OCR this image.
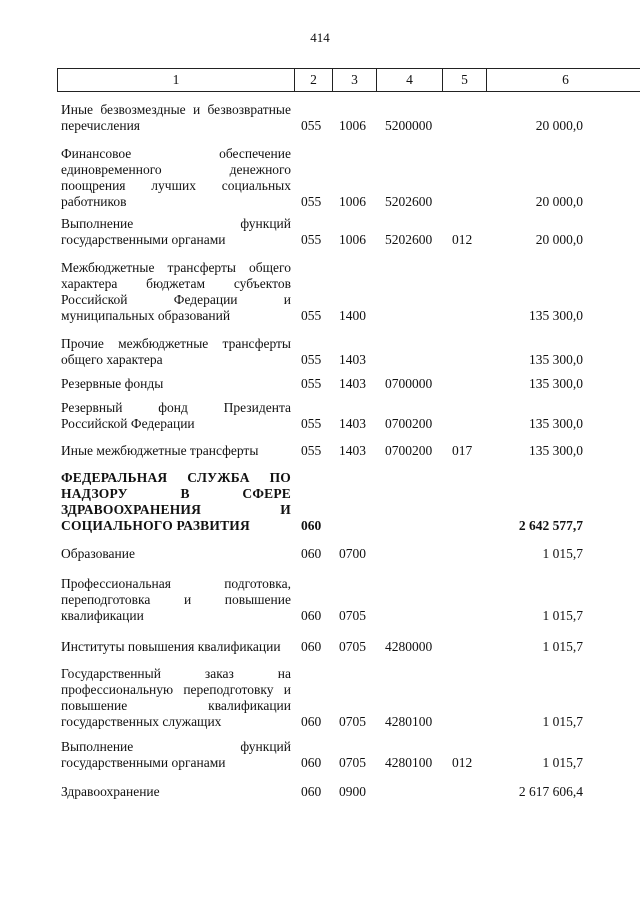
414
1	2	3	4	5	6
Иные безвозмездные и безвозвратные перечисления	055 1006 5200000	20 000,0
Финансовое обеспечение единовременного денежного поощрения лучших социальных работников	055 1006 5202600	20 000,0
Выполнение функций государственными органами	055 1006 5202600 012	20 000,0
Межбюджетные трансферты общего характера бюджетам субъектов Российской Федерации и муниципальных образований	055 1400	135 300,0
Прочие межбюджетные трансферты общего характера	055 1403	135 300,0
Резервные фонды	055 1403 0700000	135 300,0
Резервный фонд Президента Российской Федерации	055 1403 0700200	135 300,0
Иные межбюджетные трансферты	055 1403 0700200 017	135 300,0
ФЕДЕРАЛЬНАЯ СЛУЖБА ПО НАДЗОРУ В СФЕРЕ ЗДРАВООХРАНЕНИЯ И СОЦИАЛЬНОГО РАЗВИТИЯ	060	2 642 577,7
Образование	060 0700	1 015,7
Профессиональная подготовка, переподготовка и повышение квалификации	060 0705	1 015,7
Институты повышения квалификации	060 0705 4280000	1 015,7
Государственный заказ на профессиональную переподготовку и повышение квалификации государственных служащих	060 0705 4280100	1 015,7
Выполнение функций государственными органами	060 0705 4280100 012	1 015,7
Здравоохранение	060 0900	2 617 606,4
